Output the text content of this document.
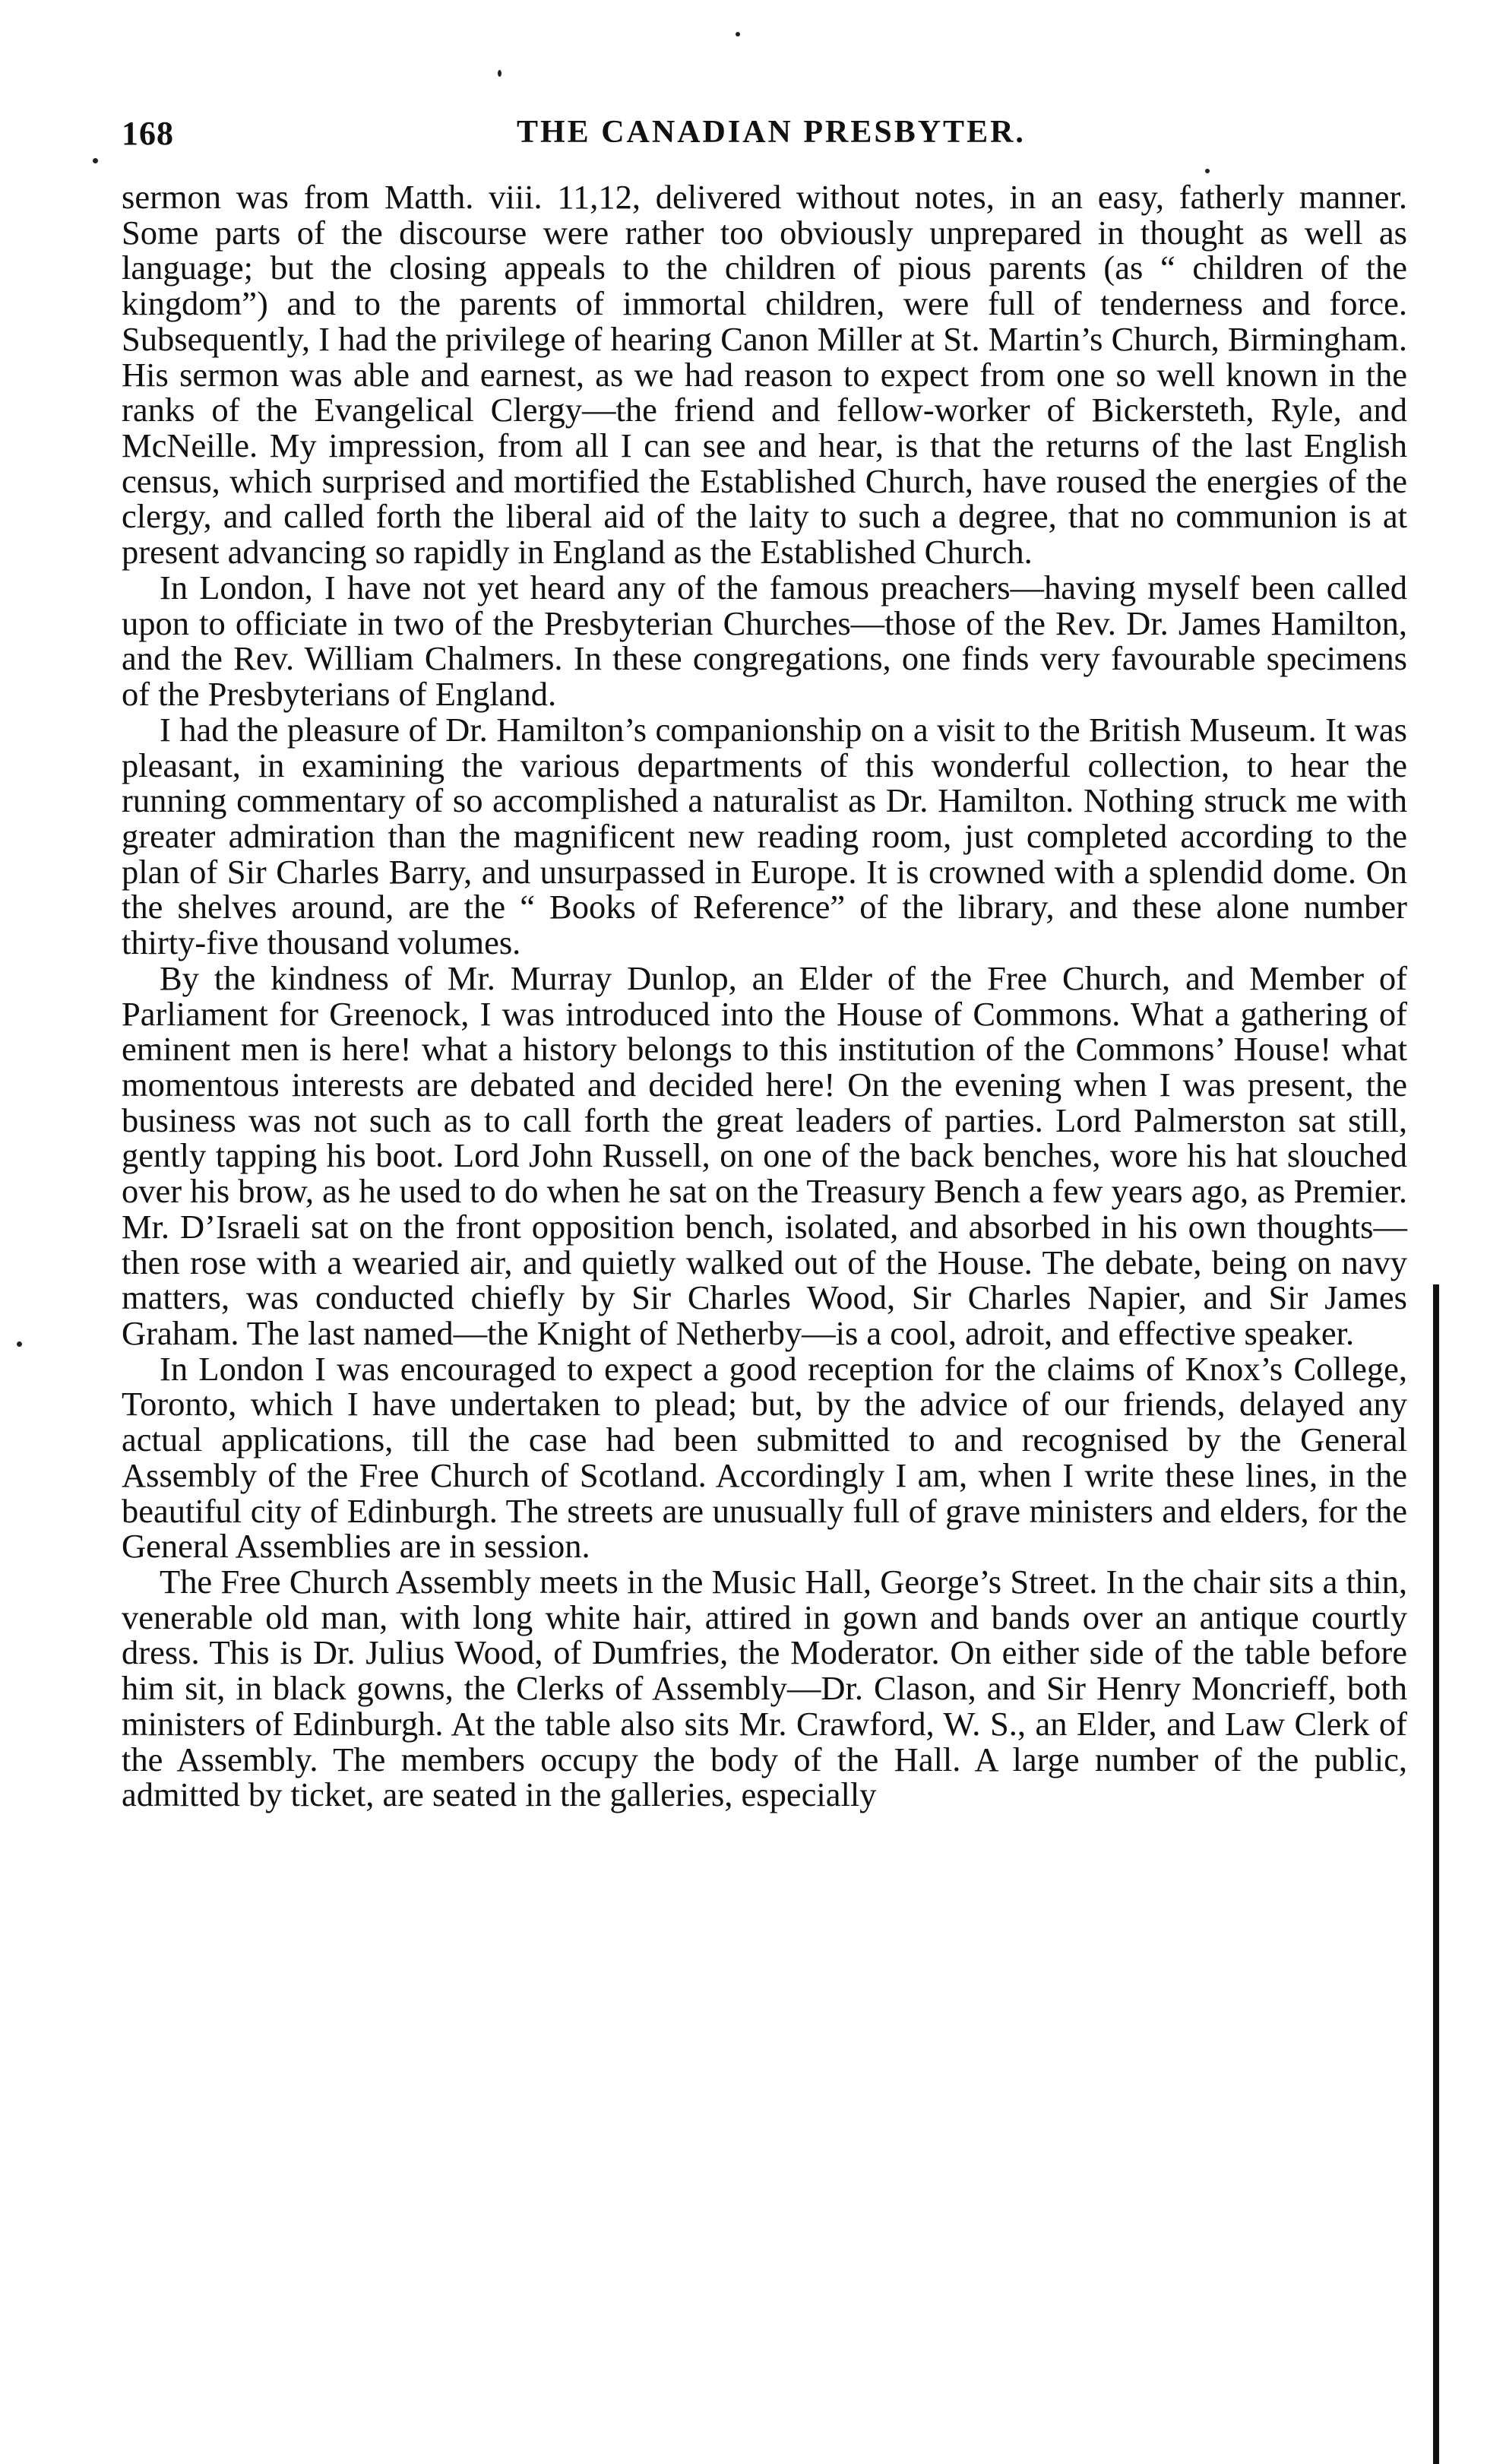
168	THE CANADIAN PRESBYTER.

sermon was from Matth. viii. 11,12, delivered without notes, in an easy, fatherly manner. Some parts of the discourse were rather too obviously unprepared in thought as well as language; but the closing appeals to the children of pious parents (as “ children of the kingdom”) and to the parents of immortal children, were full of tenderness and force. Subsequently, I had the privilege of hearing Canon Miller at St. Martin’s Church, Birmingham. His sermon was able and earnest, as we had reason to expect from one so well known in the ranks of the Evangelical Clergy—the friend and fellow-worker of Bickersteth, Ryle, and McNeille. My impression, from all I can see and hear, is that the returns of the last English census, which surprised and mortified the Established Church, have roused the energies of the clergy, and called forth the liberal aid of the laity to such a degree, that no communion is at present advancing so rapidly in England as the Established Church.

In London, I have not yet heard any of the famous preachers—having myself been called upon to officiate in two of the Presbyterian Churches—those of the Rev. Dr. James Hamilton, and the Rev. William Chalmers. In these congregations, one finds very favourable specimens of the Presbyterians of England.

I had the pleasure of Dr. Hamilton’s companionship on a visit to the British Museum. It was pleasant, in examining the various departments of this wonderful collection, to hear the running commentary of so accomplished a naturalist as Dr. Hamilton. Nothing struck me with greater admiration than the magnificent new reading room, just completed according to the plan of Sir Charles Barry, and unsurpassed in Europe. It is crowned with a splendid dome. On the shelves around, are the “ Books of Reference” of the library, and these alone number thirty-five thousand volumes.

By the kindness of Mr. Murray Dunlop, an Elder of the Free Church, and Member of Parliament for Greenock, I was introduced into the House of Commons. What a gathering of eminent men is here! what a history belongs to this institution of the Commons’ House! what momentous interests are debated and decided here! On the evening when I was present, the business was not such as to call forth the great leaders of parties. Lord Palmerston sat still, gently tapping his boot. Lord John Russell, on one of the back benches, wore his hat slouched over his brow, as he used to do when he sat on the Treasury Bench a few years ago, as Premier. Mr. D’Israeli sat on the front opposition bench, isolated, and absorbed in his own thoughts—then rose with a wearied air, and quietly walked out of the House. The debate, being on navy matters, was conducted chiefly by Sir Charles Wood, Sir Charles Napier, and Sir James Graham. The last named—the Knight of Netherby—is a cool, adroit, and effective speaker.

In London I was encouraged to expect a good reception for the claims of Knox’s College, Toronto, which I have undertaken to plead; but, by the advice of our friends, delayed any actual applications, till the case had been submitted to and recognised by the General Assembly of the Free Church of Scotland. Accordingly I am, when I write these lines, in the beautiful city of Edinburgh. The streets are unusually full of grave ministers and elders, for the General Assemblies are in session.

The Free Church Assembly meets in the Music Hall, George’s Street. In the chair sits a thin, venerable old man, with long white hair, attired in gown and bands over an antique courtly dress. This is Dr. Julius Wood, of Dumfries, the Moderator. On either side of the table before him sit, in black gowns, the Clerks of Assembly—Dr. Clason, and Sir Henry Moncrieff, both ministers of Edinburgh. At the table also sits Mr. Crawford, W. S., an Elder, and Law Clerk of the Assembly. The members occupy the body of the Hall. A large number of the public, admitted by ticket, are seated in the galleries, especially
